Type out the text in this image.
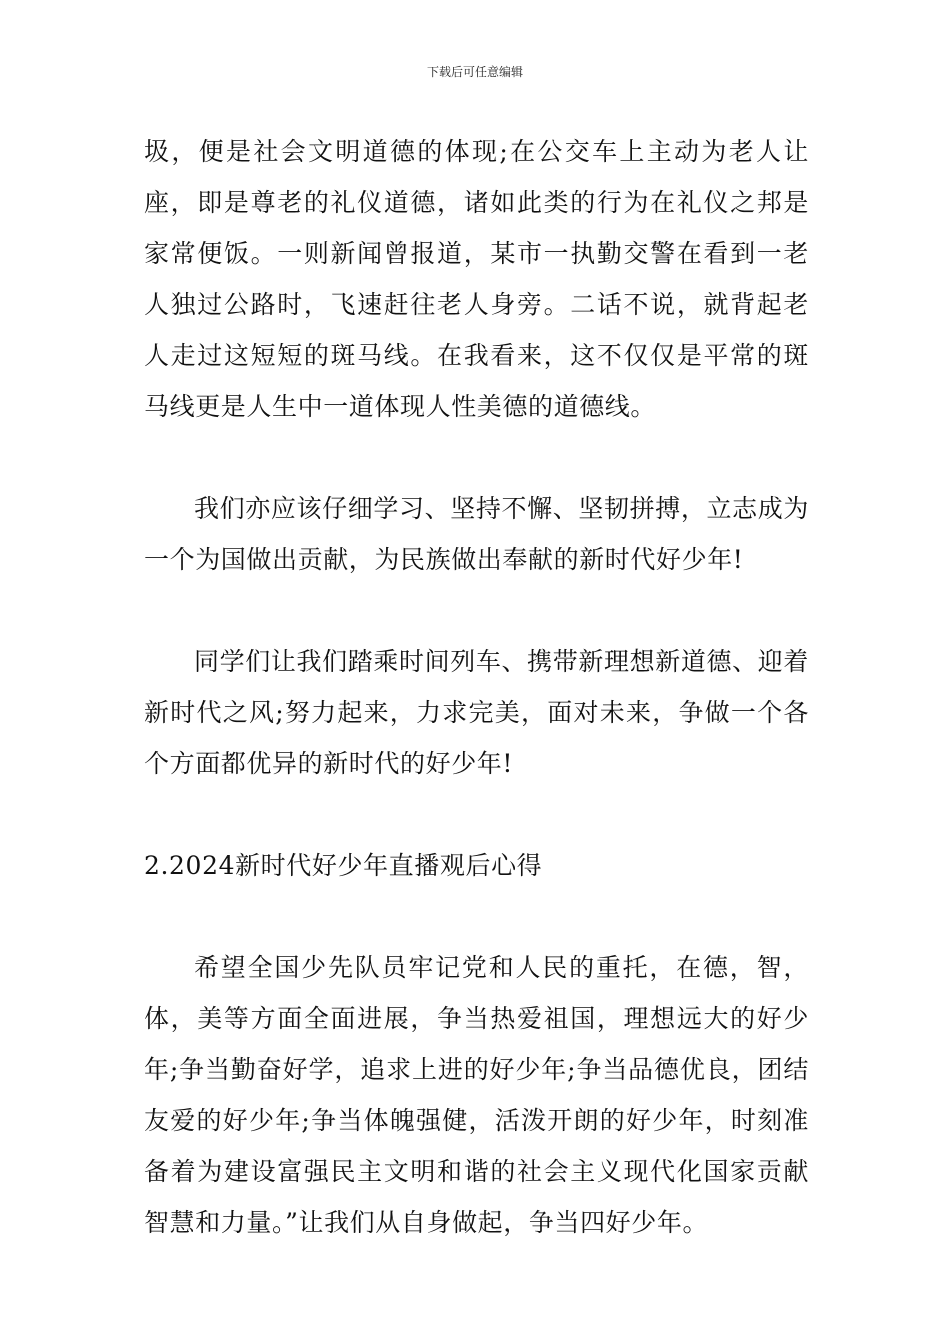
下载后可任意编辑

圾，便是社会文明道德的体现;在公交车上主动为老人让座，即是尊老的礼仪道德，诸如此类的行为在礼仪之邦是家常便饭。一则新闻曾报道，某市一执勤交警在看到一老人独过公路时，飞速赶往老人身旁。二话不说，就背起老人走过这短短的斑马线。在我看来，这不仅仅是平常的斑马线更是人生中一道体现人性美德的道德线。

我们亦应该仔细学习、坚持不懈、坚韧拼搏，立志成为一个为国做出贡献，为民族做出奉献的新时代好少年!

同学们让我们踏乘时间列车、携带新理想新道德、迎着新时代之风;努力起来，力求完美，面对未来，争做一个各个方面都优异的新时代的好少年!

2.2024新时代好少年直播观后心得

希望全国少先队员牢记党和人民的重托，在德，智，体，美等方面全面进展，争当热爱祖国，理想远大的好少年;争当勤奋好学，追求上进的好少年;争当品德优良，团结友爱的好少年;争当体魄强健，活泼开朗的好少年，时刻准备着为建设富强民主文明和谐的社会主义现代化国家贡献智慧和力量。”让我们从自身做起，争当四好少年。
